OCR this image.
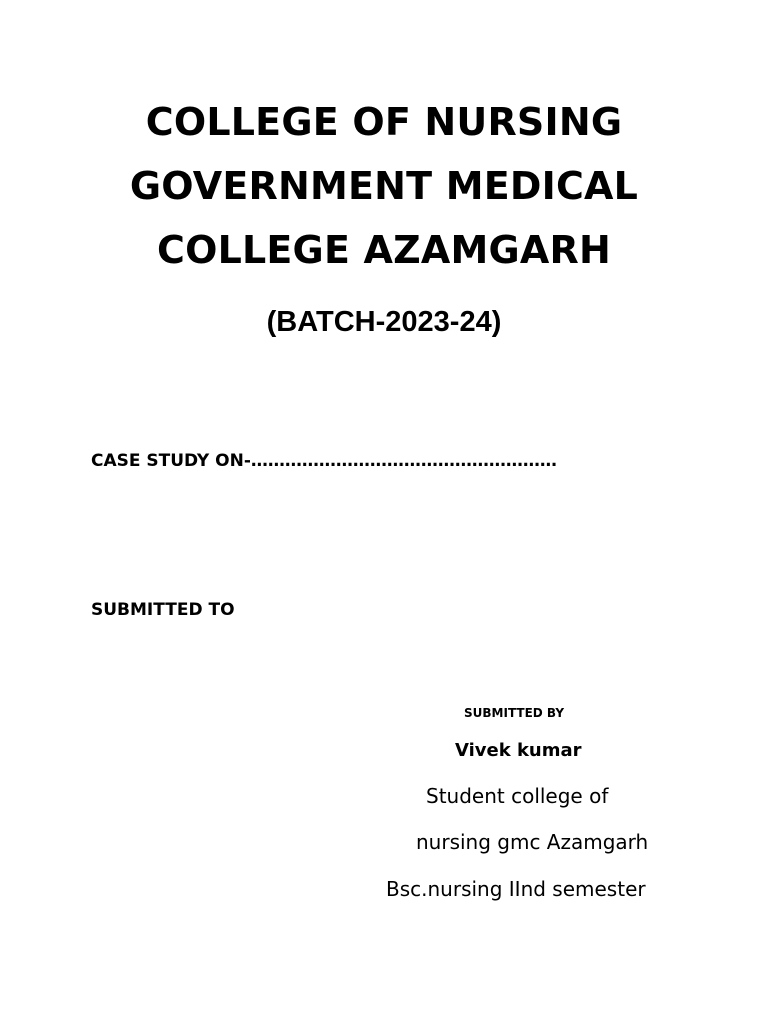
COLLEGE OF NURSING
GOVERNMENT MEDICAL
COLLEGE AZAMGARH
(BATCH-2023-24)
CASE STUDY ON-………………………………………………
SUBMITTED TO
SUBMITTED BY
Vivek kumar
Student college of
nursing gmc Azamgarh
Bsc.nursing IInd semester
